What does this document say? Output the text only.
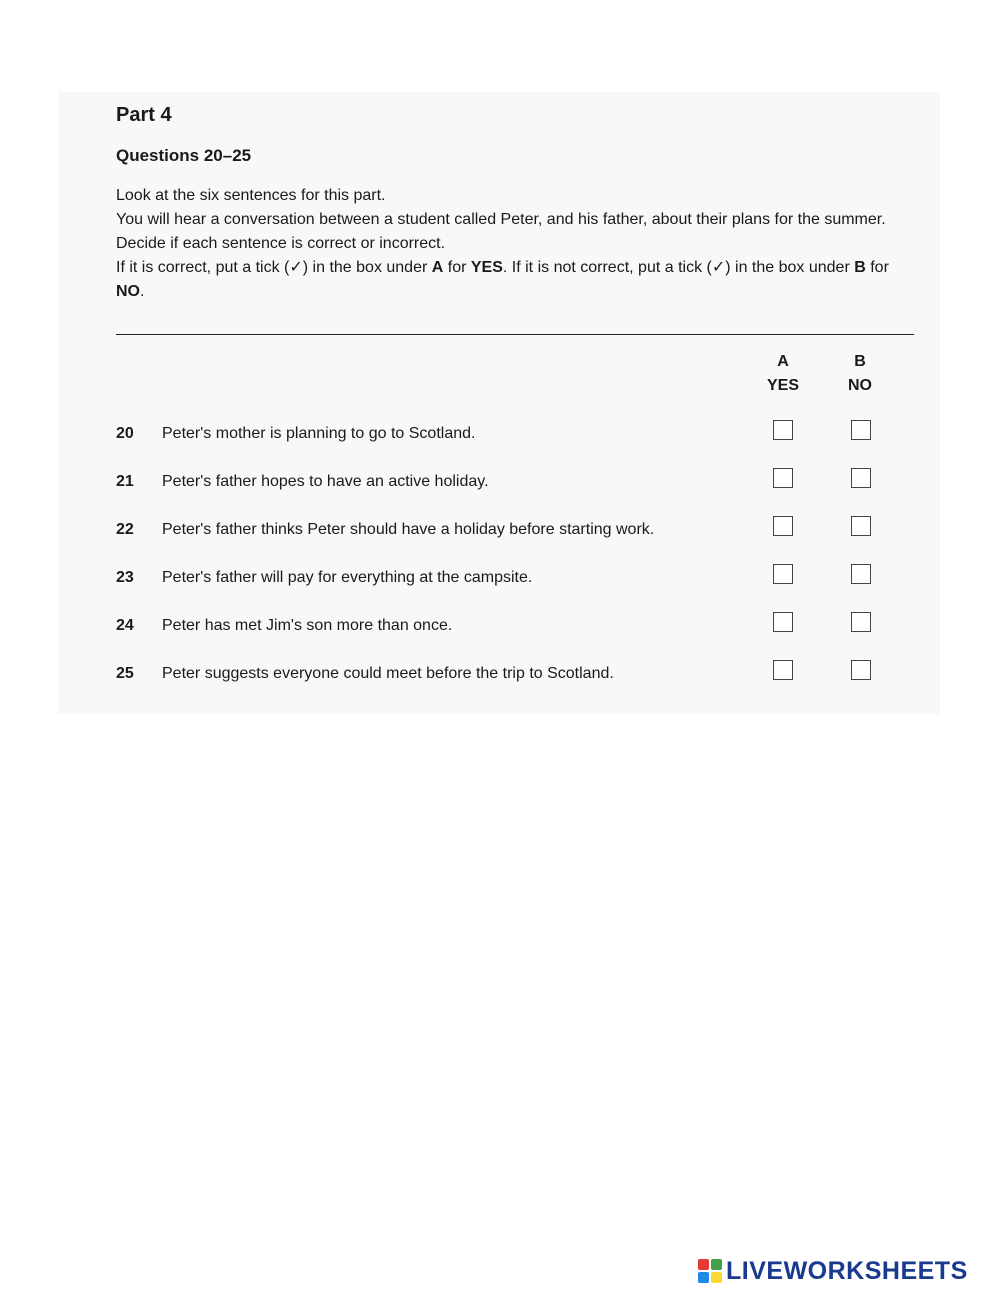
Part 4
Questions 20–25

Look at the six sentences for this part.

You will hear a conversation between a student called Peter, and his father, about their plans for the summer.

Decide if each sentence is correct or incorrect.

If it is correct, put a tick (✓) in the box under A for YES. If it is not correct, put a tick (✓) in the box under B for NO.

A
YES
B
NO
20 Peter's mother is planning to go to Scotland.
21 Peter's father hopes to have an active holiday.
22 Peter's father thinks Peter should have a holiday before starting work.
23 Peter's father will pay for everything at the campsite.
24 Peter has met Jim's son more than once.
25 Peter suggests everyone could meet before the trip to Scotland.
LIVEWORKSHEETS
